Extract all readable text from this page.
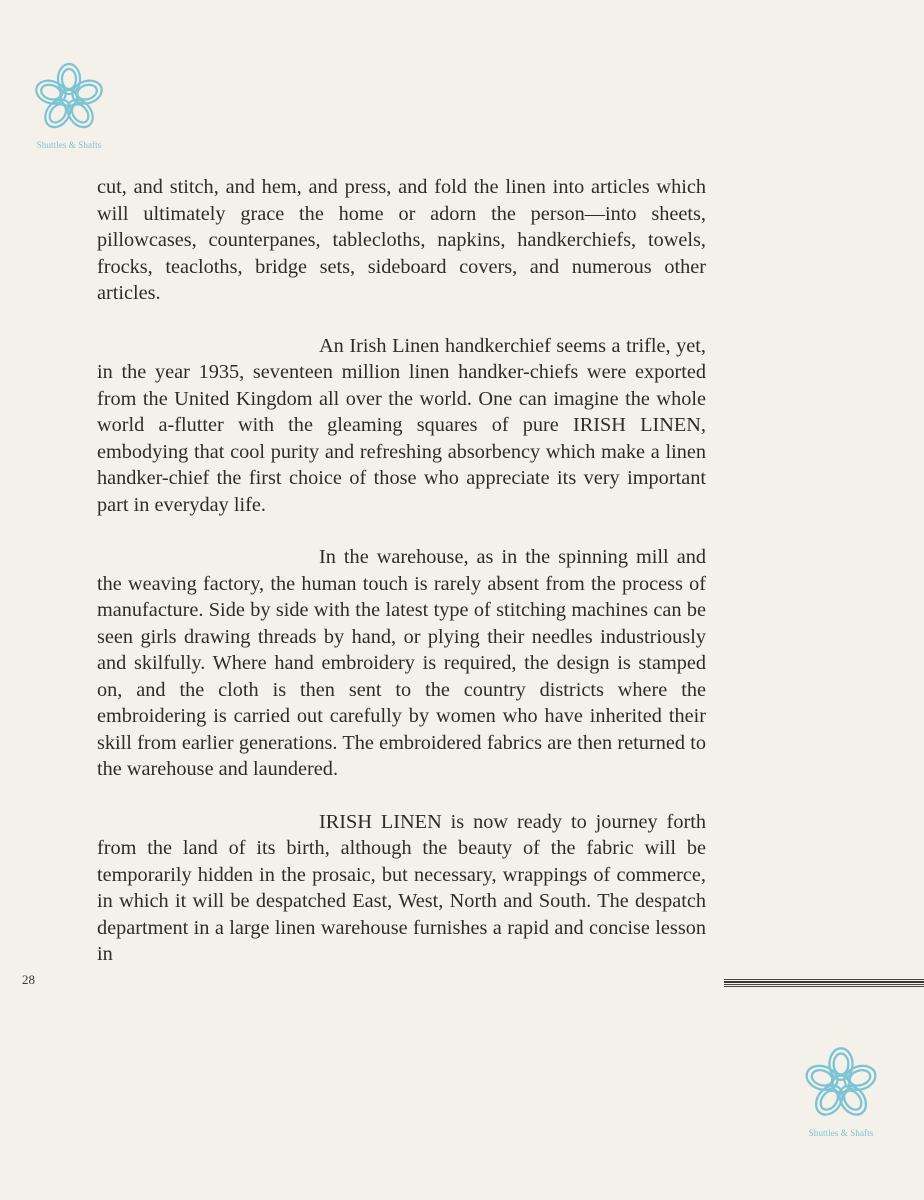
Shuttles & Shafts

cut, and stitch, and hem, and press, and fold the linen into articles which will ultimately grace the home or adorn the person—into sheets, pillowcases, counterpanes, tablecloths, napkins, handkerchiefs, towels, frocks, teacloths, bridge sets, sideboard covers, and numerous other articles.

An Irish Linen handkerchief seems a trifle, yet, in the year 1935, seventeen million linen handker-chiefs were exported from the United Kingdom all over the world. One can imagine the whole world a-flutter with the gleaming squares of pure IRISH LINEN, embodying that cool purity and refreshing absorbency which make a linen handker-chief the first choice of those who appreciate its very important part in everyday life.

In the warehouse, as in the spinning mill and the weaving factory, the human touch is rarely absent from the process of manufacture. Side by side with the latest type of stitching machines can be seen girls drawing threads by hand, or plying their needles industriously and skilfully. Where hand embroidery is required, the design is stamped on, and the cloth is then sent to the country districts where the embroidering is carried out carefully by women who have inherited their skill from earlier generations. The embroidered fabrics are then returned to the warehouse and laundered.

IRISH LINEN is now ready to journey forth from the land of its birth, although the beauty of the fabric will be temporarily hidden in the prosaic, but necessary, wrappings of commerce, in which it will be despatched East, West, North and South. The despatch department in a large linen warehouse furnishes a rapid and concise lesson in

28
Shuttles & Shafts
